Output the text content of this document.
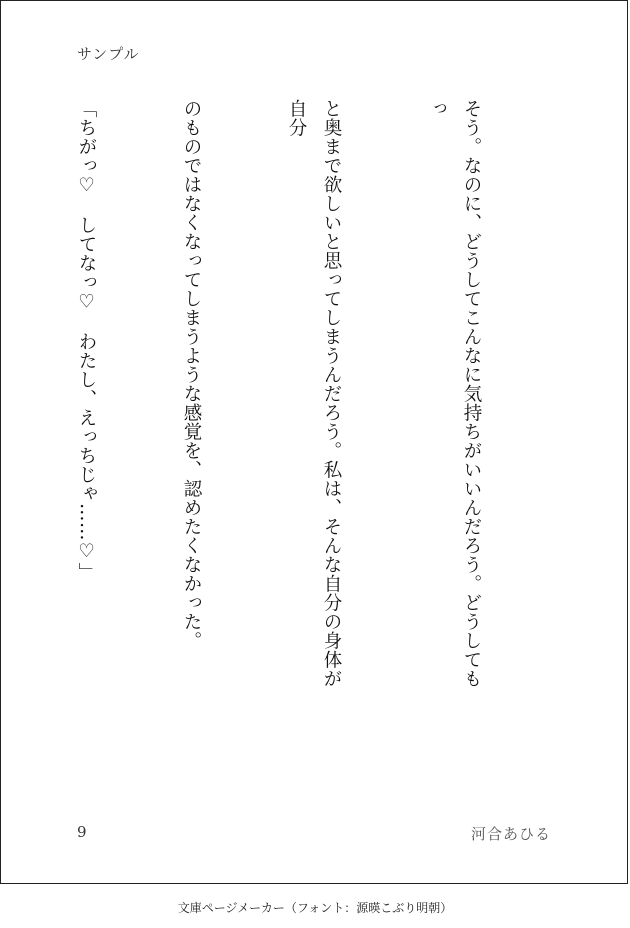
サンプル

そう。なのに、どうしてこんなに気持ちがいいんだろう。どうしてもっ

と奥まで欲しいと思ってしまうんだろう。私は、そんな自分の身体が自分

のものではなくなってしまうような感覚を、認めたくなかった。

「ちがっ♡　してなっ♡　わたし、えっちじゃ……♡」

9	河合あひる
文庫ページメーカー（フォント：源暎こぶり明朝）
